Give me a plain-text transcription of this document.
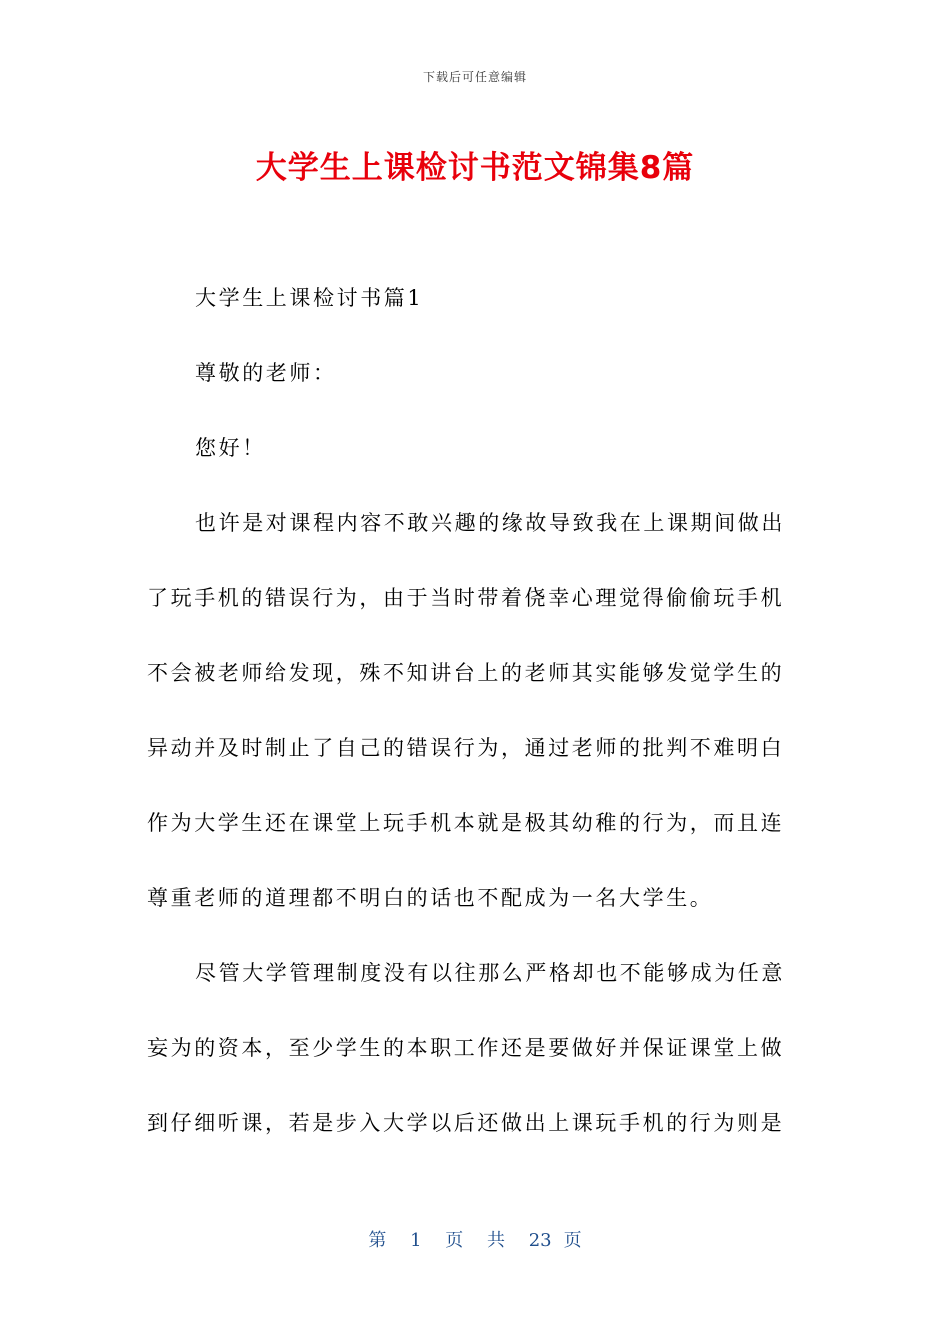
下载后可任意编辑
大学生上课检讨书范文锦集8篇
大学生上课检讨书篇1
尊敬的老师：
您好！
也许是对课程内容不敢兴趣的缘故导致我在上课期间做出
了玩手机的错误行为，由于当时带着侥幸心理觉得偷偷玩手机
不会被老师给发现，殊不知讲台上的老师其实能够发觉学生的
异动并及时制止了自己的错误行为，通过老师的批判不难明白
作为大学生还在课堂上玩手机本就是极其幼稚的行为，而且连
尊重老师的道理都不明白的话也不配成为一名大学生。
尽管大学管理制度没有以往那么严格却也不能够成为任意
妄为的资本，至少学生的本职工作还是要做好并保证课堂上做
到仔细听课，若是步入大学以后还做出上课玩手机的行为则是
第 1 页 共 23 页
